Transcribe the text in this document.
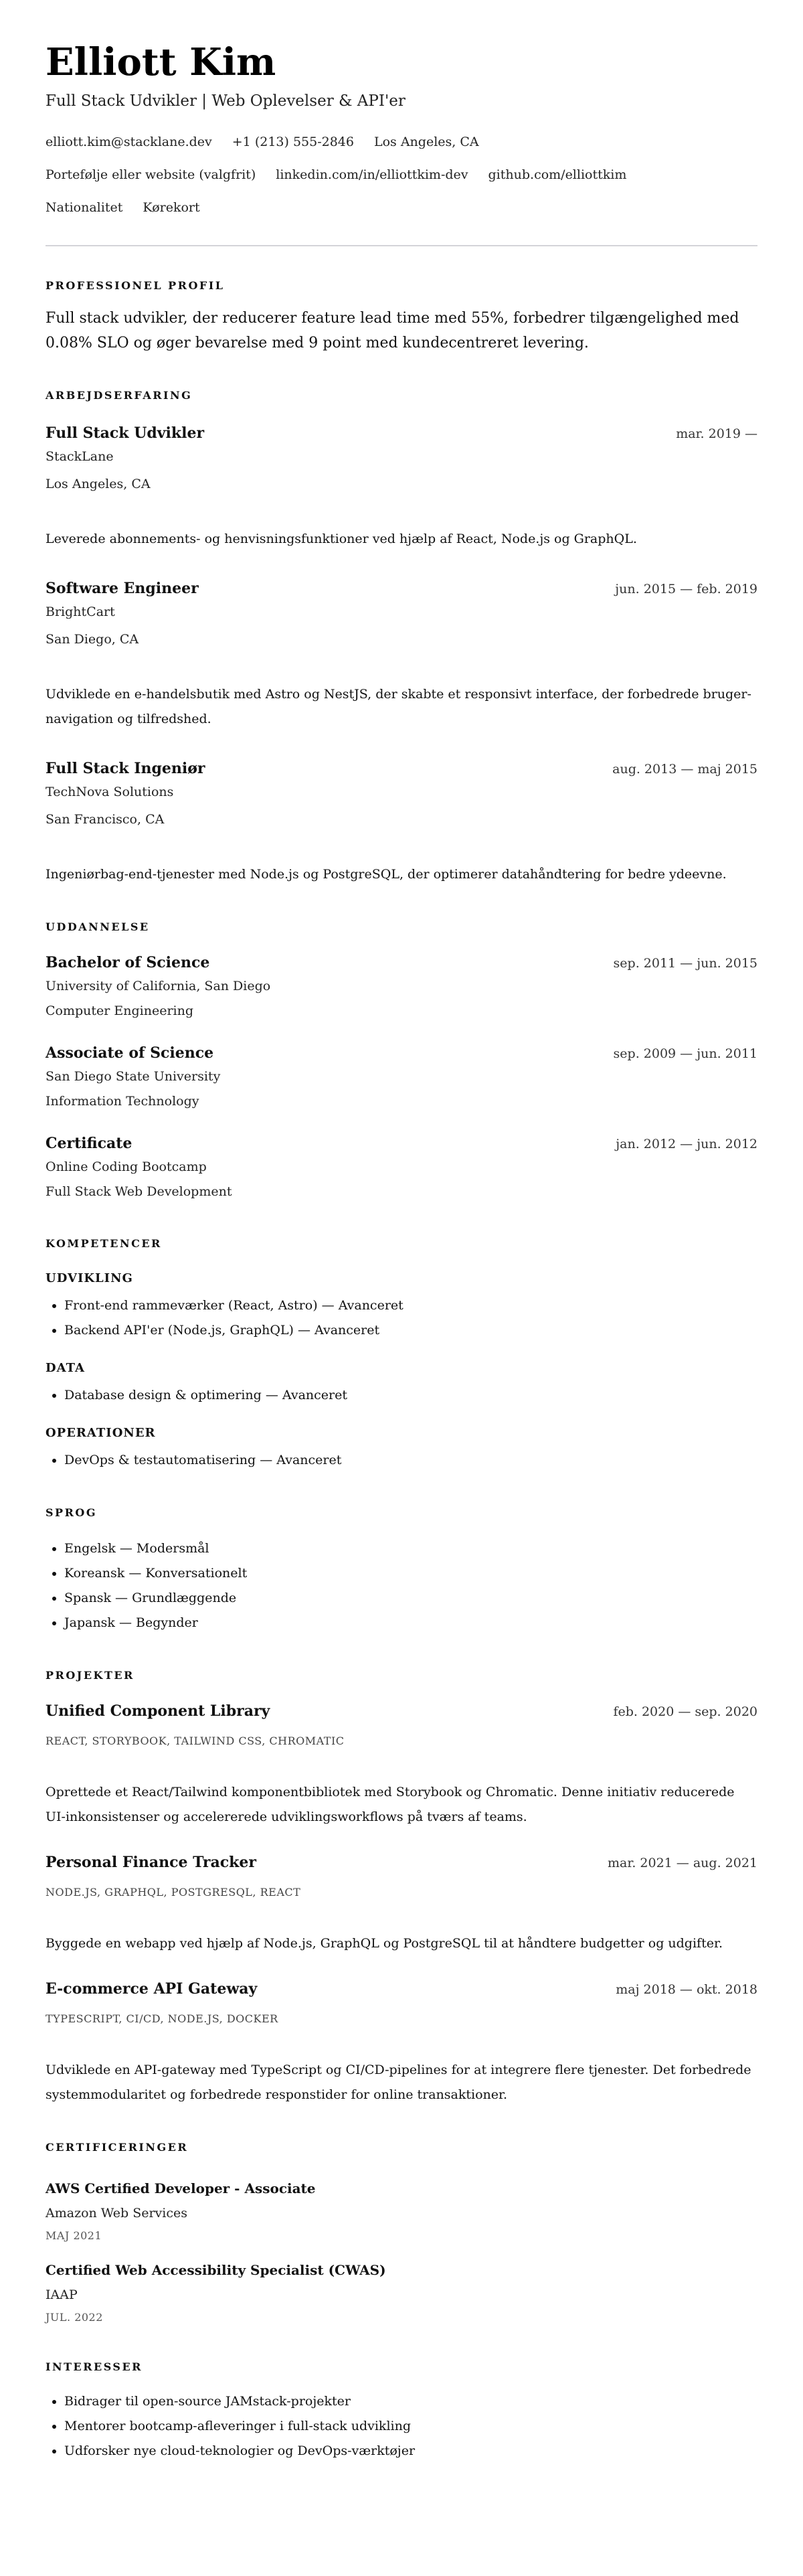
Elliott Kim
Full Stack Udvikler | Web Oplevelser & API'er
elliott.kim@stacklane.dev +1 (213) 555-2846 Los Angeles, CA
Portefølje eller website (valgfrit) linkedin.com/in/elliottkim-dev github.com/elliottkim
Nationalitet Kørekort
PROFESSIONEL PROFIL

Full stack udvikler, der reducerer feature lead time med 55%, forbedrer tilgængelighed med 0.08% SLO og øger bevarelse med 9 point med kundecentreret levering.

ARBEJDSERFARING
Full Stack Udvikler	mar. 2019 —
StackLane
Los Angeles, CA
Leverede abonnements- og henvisningsfunktioner ved hjælp af React, Node.js og GraphQL.
Software Engineer	jun. 2015 — feb. 2019
BrightCart
San Diego, CA
Udviklede en e-handelsbutik med Astro og NestJS, der skabte et responsivt interface, der forbedrede bruger-navigation og tilfredshed.
Full Stack Ingeniør	aug. 2013 — maj 2015
TechNova Solutions
San Francisco, CA
Ingeniørbag-end-tjenester med Node.js og PostgreSQL, der optimerer datahåndtering for bedre ydeevne.
UDDANNELSE
Bachelor of Science	sep. 2011 — jun. 2015
University of California, San Diego
Computer Engineering
Associate of Science	sep. 2009 — jun. 2011
San Diego State University
Information Technology
Certificate	jan. 2012 — jun. 2012
Online Coding Bootcamp
Full Stack Web Development
KOMPETENCER
UDVIKLING
• Front-end rammeværker (React, Astro) — Avanceret
• Backend API'er (Node.js, GraphQL) — Avanceret
DATA
• Database design & optimering — Avanceret
OPERATIONER
• DevOps & testautomatisering — Avanceret
SPROG
• Engelsk — Modersmål
• Koreansk — Konversationelt
• Spansk — Grundlæggende
• Japansk — Begynder
PROJEKTER
Unified Component Library	feb. 2020 — sep. 2020
REACT, STORYBOOK, TAILWIND CSS, CHROMATIC
Oprettede et React/Tailwind komponentbibliotek med Storybook og Chromatic. Denne initiativ reducerede UI-inkonsistenser og accelererede udviklingsworkflows på tværs af teams.
Personal Finance Tracker	mar. 2021 — aug. 2021
NODE.JS, GRAPHQL, POSTGRESQL, REACT
Byggede en webapp ved hjælp af Node.js, GraphQL og PostgreSQL til at håndtere budgetter og udgifter.
E-commerce API Gateway	maj 2018 — okt. 2018
TYPESCRIPT, CI/CD, NODE.JS, DOCKER
Udviklede en API-gateway med TypeScript og CI/CD-pipelines for at integrere flere tjenester. Det forbedrede systemmodularitet og forbedrede responstider for online transaktioner.
CERTIFICERINGER
AWS Certified Developer - Associate
Amazon Web Services
MAJ 2021
Certified Web Accessibility Specialist (CWAS)
IAAP
JUL. 2022
INTERESSER
• Bidrager til open-source JAMstack-projekter
• Mentorer bootcamp-afleveringer i full-stack udvikling
• Udforsker nye cloud-teknologier og DevOps-værktøjer
